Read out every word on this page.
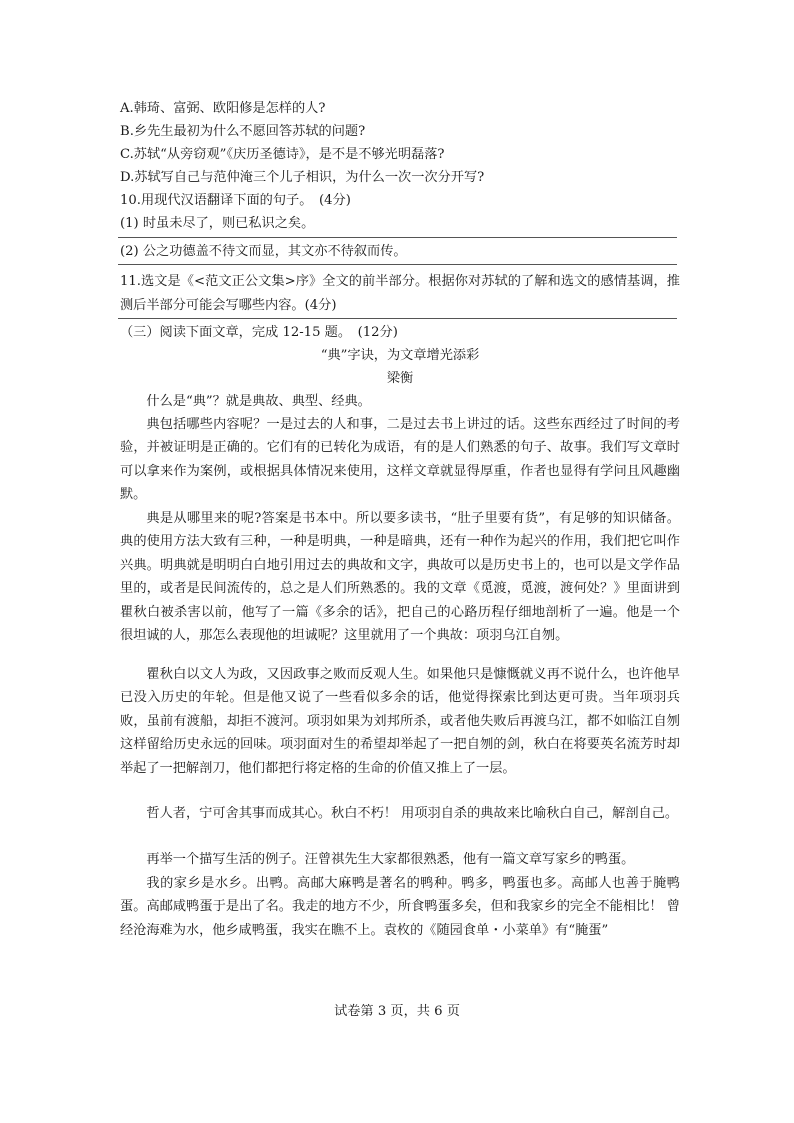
A.韩琦、富弼、欧阳修是怎样的人?
B.乡先生最初为什么不愿回答苏轼的问题?
C.苏轼“从旁窃观”《庆历圣德诗》，是不是不够光明磊落?
D.苏轼写自己与范仲淹三个儿子相识，为什么一次一次分开写?
10.用现代汉语翻译下面的句子。　(4分)
(1) 时虽未尽了，则已私识之矣。
(2) 公之功德盖不待文而显，其文亦不待叙而传。
11.选文是《<范文正公文集>序》全文的前半部分。根据你对苏轼的了解和选文的感情基调，推测后半部分可能会写哪些内容。(4分)
（三）阅读下面文章，完成 12-15 题。　(12分)
“典”字诀，为文章增光添彩
梁衡
什么是“典”？就是典故、典型、经典。
典包括哪些内容呢？一是过去的人和事，二是过去书上讲过的话。这些东西经过了时间的考验，并被证明是正确的。它们有的已转化为成语，有的是人们熟悉的句子、故事。我们写文章时可以拿来作为案例，或根据具体情况来使用，这样文章就显得厚重，作者也显得有学问且风趣幽默。
典是从哪里来的呢?答案是书本中。所以要多读书，“肚子里要有货”，有足够的知识储备。典的使用方法大致有三种，一种是明典，一种是暗典，还有一种作为起兴的作用，我们把它叫作兴典。明典就是明明白白地引用过去的典故和文字，典故可以是历史书上的，也可以是文学作品里的，或者是民间流传的，总之是人们所熟悉的。我的文章《觅渡，觅渡，渡何处？》里面讲到瞿秋白被杀害以前，他写了一篇《多余的话》，把自己的心路历程仔细地剖析了一遍。他是一个很坦诚的人，那怎么表现他的坦诚呢？这里就用了一个典故：项羽乌江自刎。
瞿秋白以文人为政，又因政事之败而反观人生。如果他只是慷慨就义再不说什么，也许他早已没入历史的年轮。但是他又说了一些看似多余的话，他觉得探索比到达更可贵。当年项羽兵败，虽前有渡船，却拒不渡河。项羽如果为刘邦所杀，或者他失败后再渡乌江，都不如临江自刎这样留给历史永远的回味。项羽面对生的希望却举起了一把自刎的剑，秋白在将要英名流芳时却举起了一把解剖刀，他们都把行将定格的生命的价值又推上了一层。
哲人者，宁可舍其事而成其心。秋白不朽！ 用项羽自杀的典故来比喻秋白自己，解剖自己。
再举一个描写生活的例子。汪曾祺先生大家都很熟悉，他有一篇文章写家乡的鸭蛋。
我的家乡是水乡。出鸭。高邮大麻鸭是著名的鸭种。鸭多，鸭蛋也多。高邮人也善于腌鸭蛋。高邮咸鸭蛋于是出了名。我走的地方不少，所食鸭蛋多矣，但和我家乡的完全不能相比！ 曾经沧海难为水，他乡咸鸭蛋，我实在瞧不上。袁枚的《随园食单・小菜单》有“腌蛋”
试卷第 3 页，共 6 页
